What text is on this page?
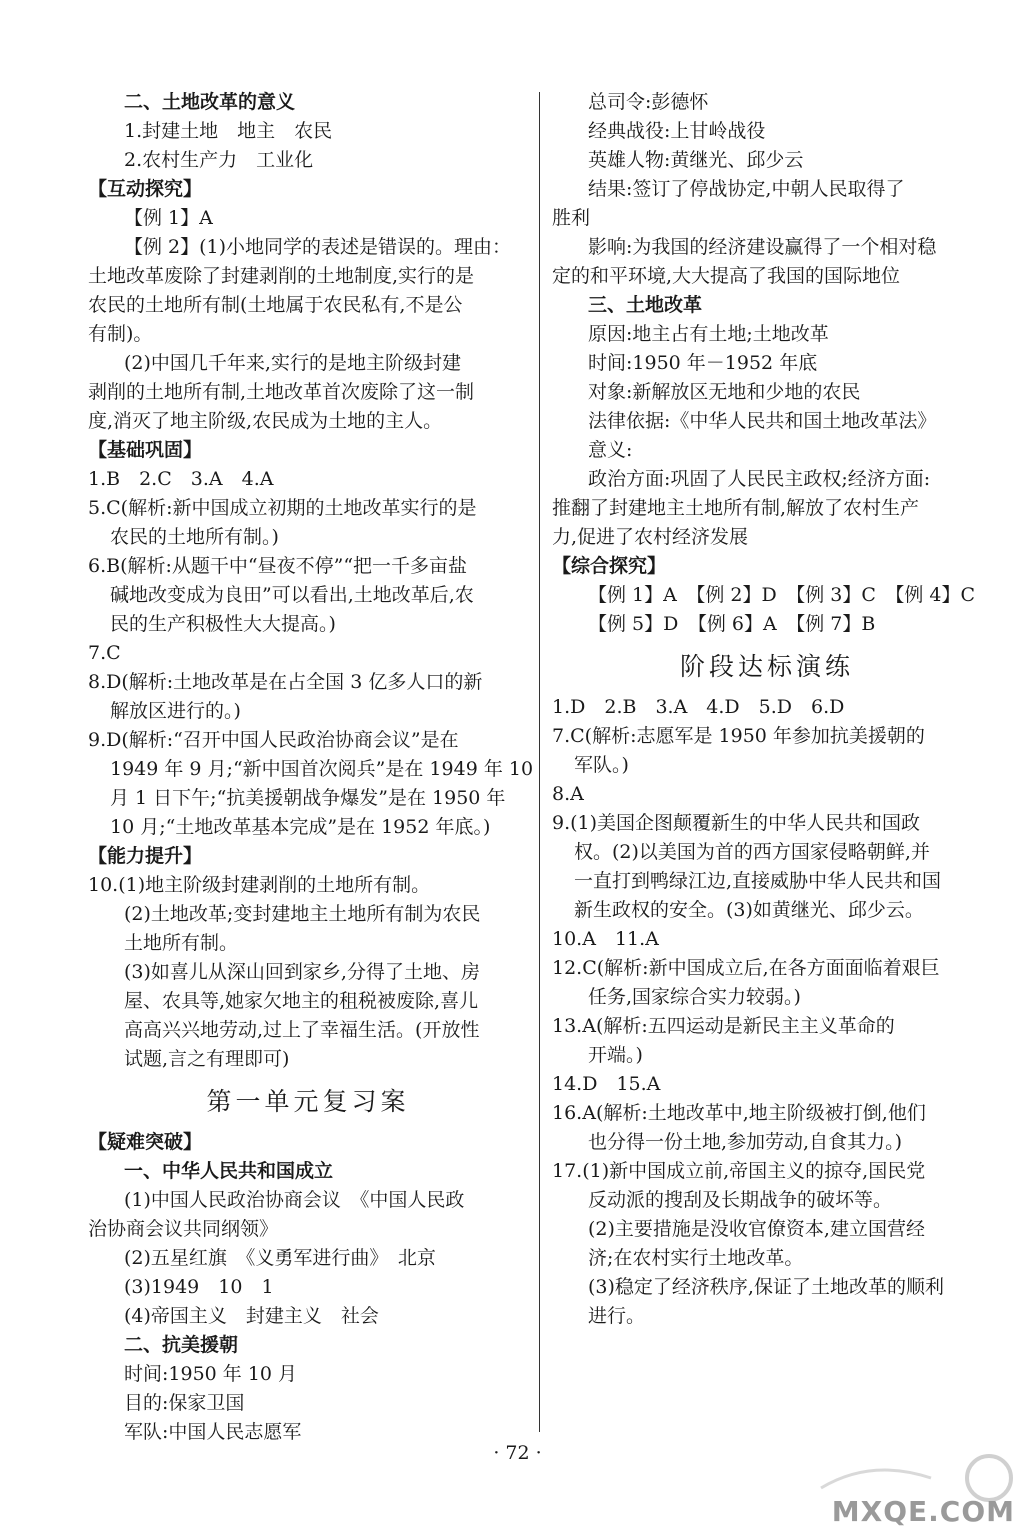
二、土地改革的意义
1.封建土地　地主　农民
2.农村生产力　工业化
【互动探究】
【例 1】A
【例 2】(1)小地同学的表述是错误的。理由：
土地改革废除了封建剥削的土地制度,实行的是
农民的土地所有制(土地属于农民私有,不是公
有制)。
(2)中国几千年来,实行的是地主阶级封建
剥削的土地所有制,土地改革首次废除了这一制
度,消灭了地主阶级,农民成为土地的主人。
【基础巩固】
1.B　2.C　3.A　4.A
5.C(解析:新中国成立初期的土地改革实行的是
农民的土地所有制。)
6.B(解析:从题干中“昼夜不停”“把一千多亩盐
碱地改变成为良田”可以看出,土地改革后,农
民的生产积极性大大提高。)
7.C
8.D(解析:土地改革是在占全国 3 亿多人口的新
解放区进行的。)
9.D(解析:“召开中国人民政治协商会议”是在
1949 年 9 月;“新中国首次阅兵”是在 1949 年 10
月 1 日下午;“抗美援朝战争爆发”是在 1950 年
10 月;“土地改革基本完成”是在 1952 年底。)
【能力提升】
10.(1)地主阶级封建剥削的土地所有制。
(2)土地改革;变封建地主土地所有制为农民
土地所有制。
(3)如喜儿从深山回到家乡,分得了土地、房
屋、农具等,她家欠地主的租税被废除,喜儿
高高兴兴地劳动,过上了幸福生活。(开放性
试题,言之有理即可)
第一单元复习案
【疑难突破】
一、中华人民共和国成立
(1)中国人民政治协商会议　《中国人民政
治协商会议共同纲领》
(2)五星红旗　《义勇军进行曲》　北京
(3)1949　10　1
(4)帝国主义　封建主义　社会
二、抗美援朝
时间:1950 年 10 月
目的:保家卫国
军队:中国人民志愿军
总司令:彭德怀
经典战役:上甘岭战役
英雄人物:黄继光、邱少云
结果:签订了停战协定,中朝人民取得了
胜利
影响:为我国的经济建设赢得了一个相对稳
定的和平环境,大大提高了我国的国际地位
三、土地改革
原因:地主占有土地;土地改革
时间:1950 年－1952 年底
对象:新解放区无地和少地的农民
法律依据:《中华人民共和国土地改革法》
意义:
政治方面:巩固了人民民主政权;经济方面:
推翻了封建地主土地所有制,解放了农村生产
力,促进了农村经济发展
【综合探究】
【例 1】A　【例 2】D　【例 3】C　【例 4】C
【例 5】D　【例 6】A　【例 7】B
阶段达标演练
1.D　2.B　3.A　4.D　5.D　6.D
7.C(解析:志愿军是 1950 年参加抗美援朝的
军队。)
8.A
9.(1)美国企图颠覆新生的中华人民共和国政
权。(2)以美国为首的西方国家侵略朝鲜,并
一直打到鸭绿江边,直接威胁中华人民共和国
新生政权的安全。(3)如黄继光、邱少云。
10.A　11.A
12.C(解析:新中国成立后,在各方面面临着艰巨
任务,国家综合实力较弱。)
13.A(解析:五四运动是新民主主义革命的
开端。)
14.D　15.A
16.A(解析:土地改革中,地主阶级被打倒,他们
也分得一份土地,参加劳动,自食其力。)
17.(1)新中国成立前,帝国主义的掠夺,国民党
反动派的搜刮及长期战争的破坏等。
(2)主要措施是没收官僚资本,建立国营经
济;在农村实行土地改革。
(3)稳定了经济秩序,保证了土地改革的顺利
进行。
· 72 ·
MXQE.COM
